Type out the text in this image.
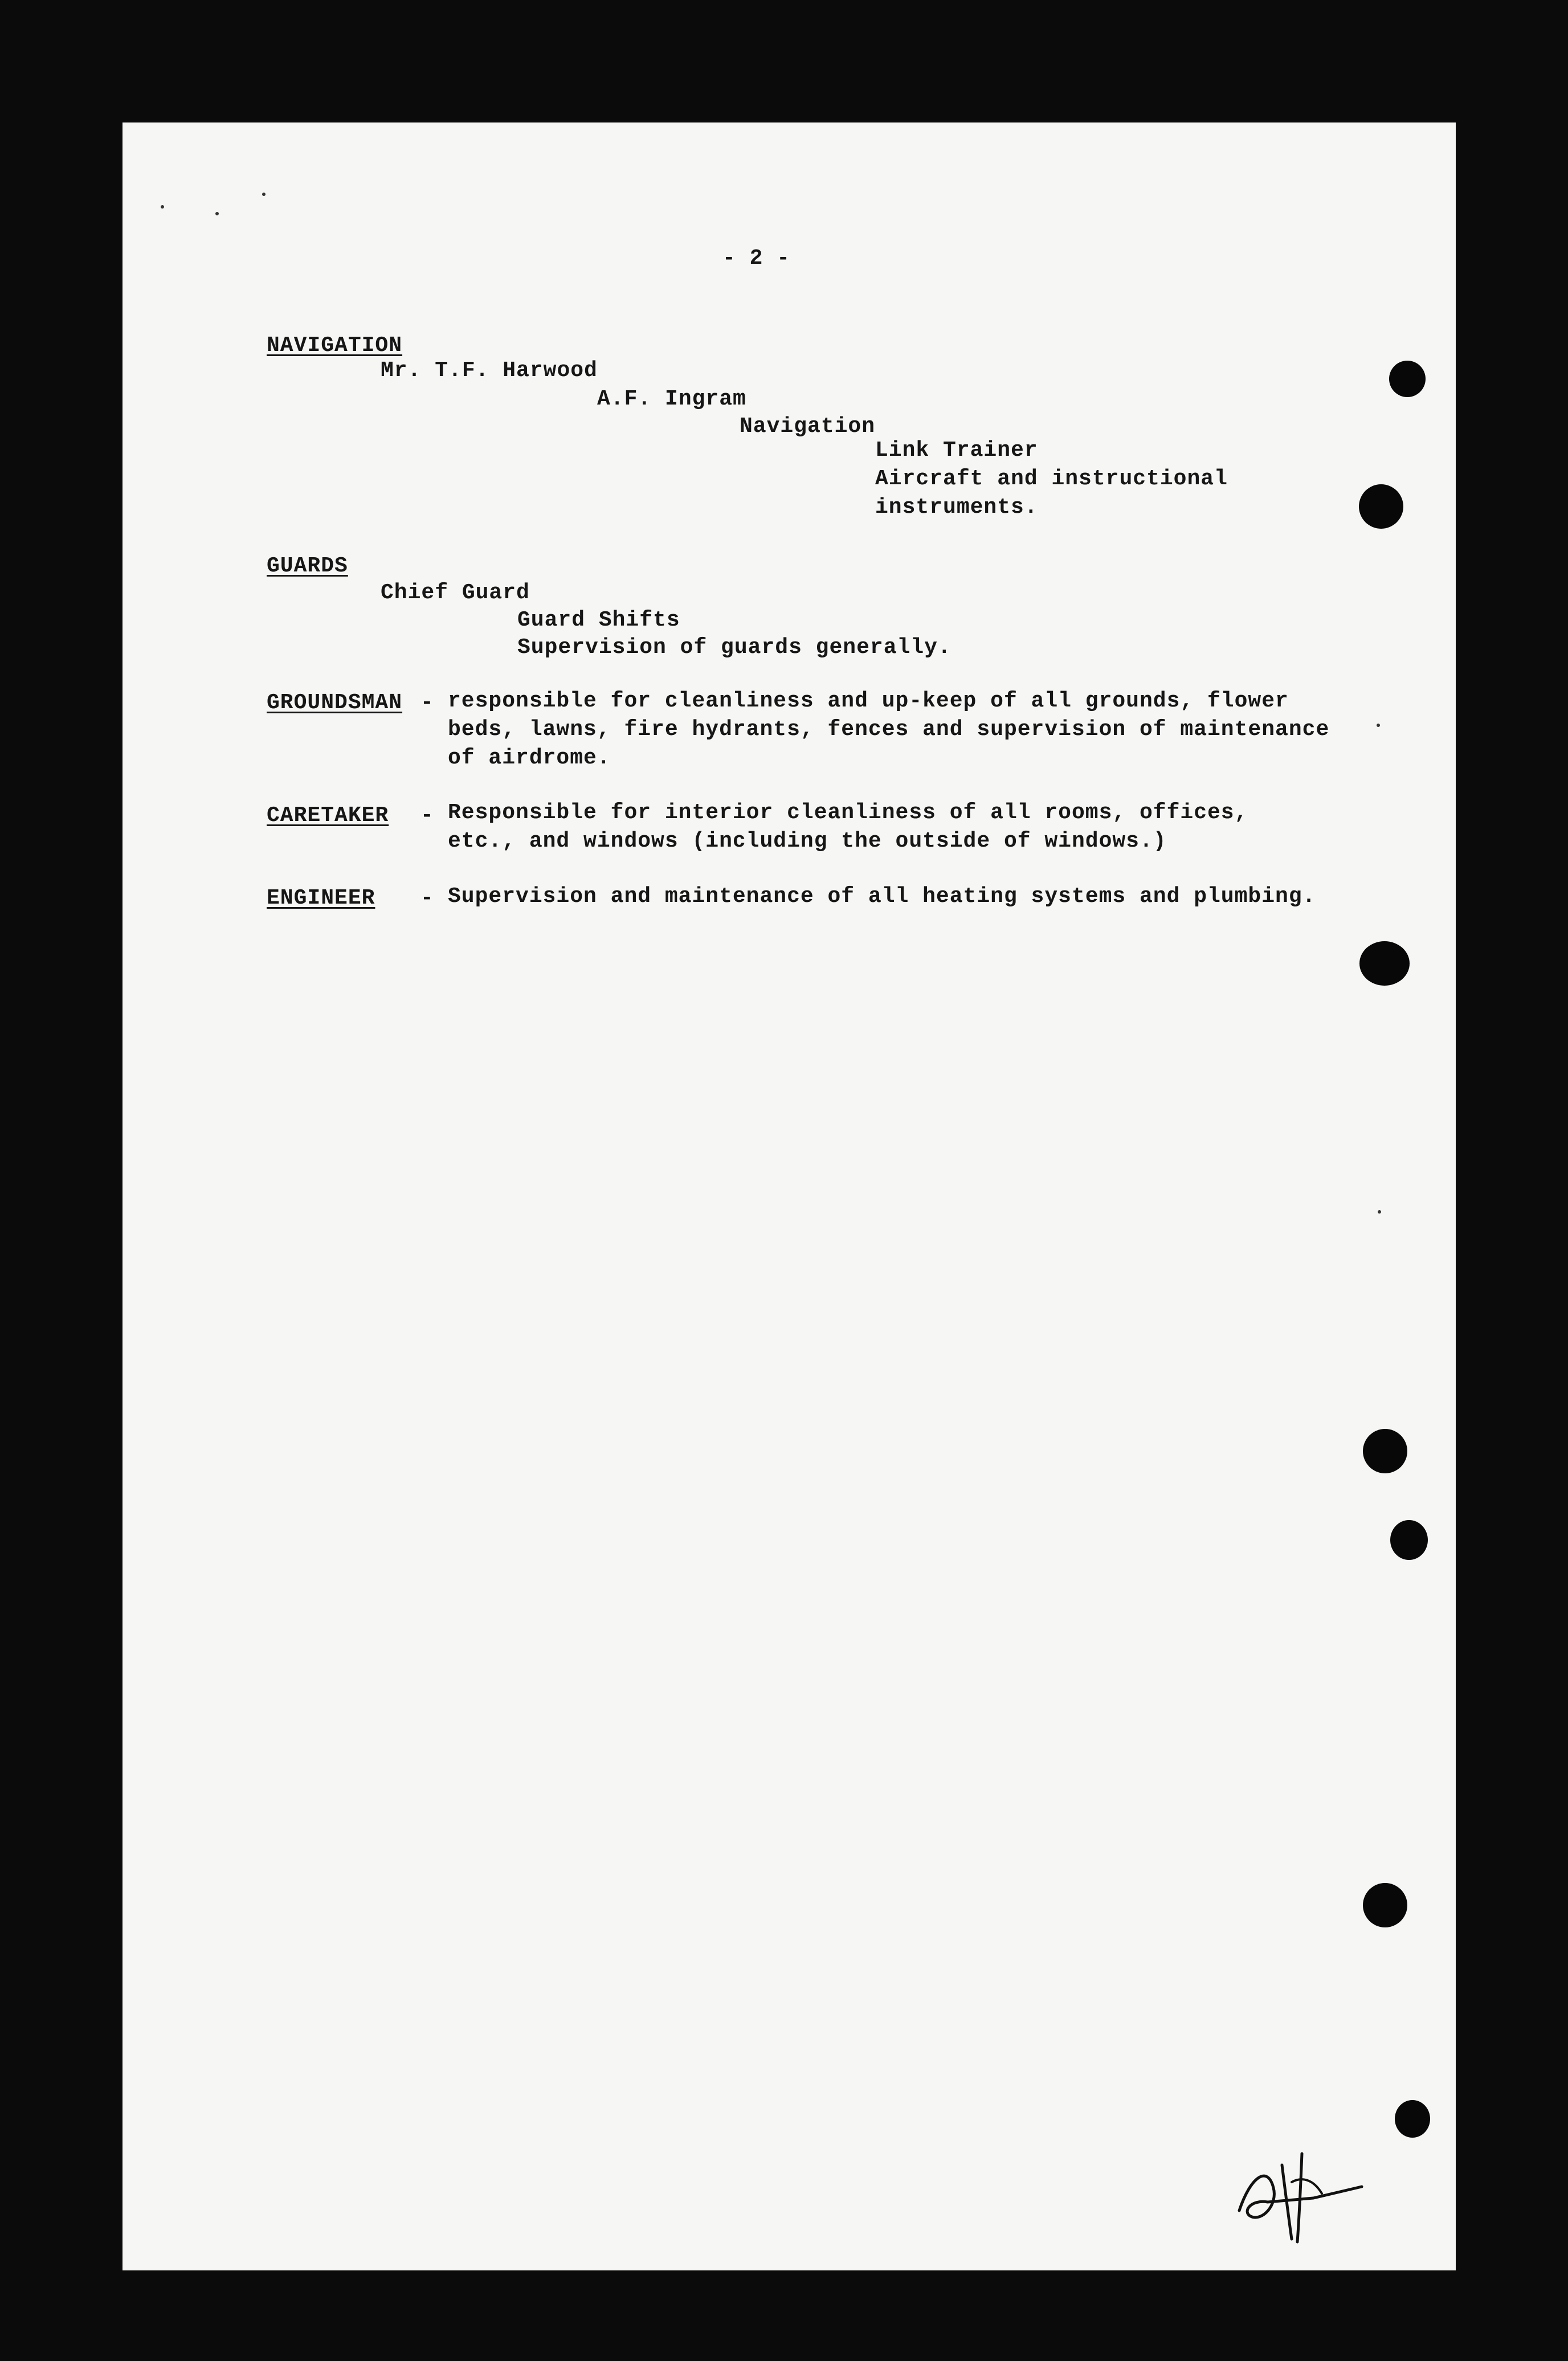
- 2 -
NAVIGATION
Mr. T.F. Harwood
A.F. Ingram
Navigation
Link Trainer
Aircraft and instructional
instruments.
GUARDS
Chief Guard
Guard Shifts
Supervision of guards generally.
GROUNDSMAN - responsible for cleanliness and up-keep of all grounds, flower
beds, lawns, fire hydrants, fences and supervision of maintenance
of airdrome.
CARETAKER - Responsible for interior cleanliness of all rooms, offices,
etc., and windows (including the outside of windows.)
ENGINEER - Supervision and maintenance of all heating systems and plumbing.
